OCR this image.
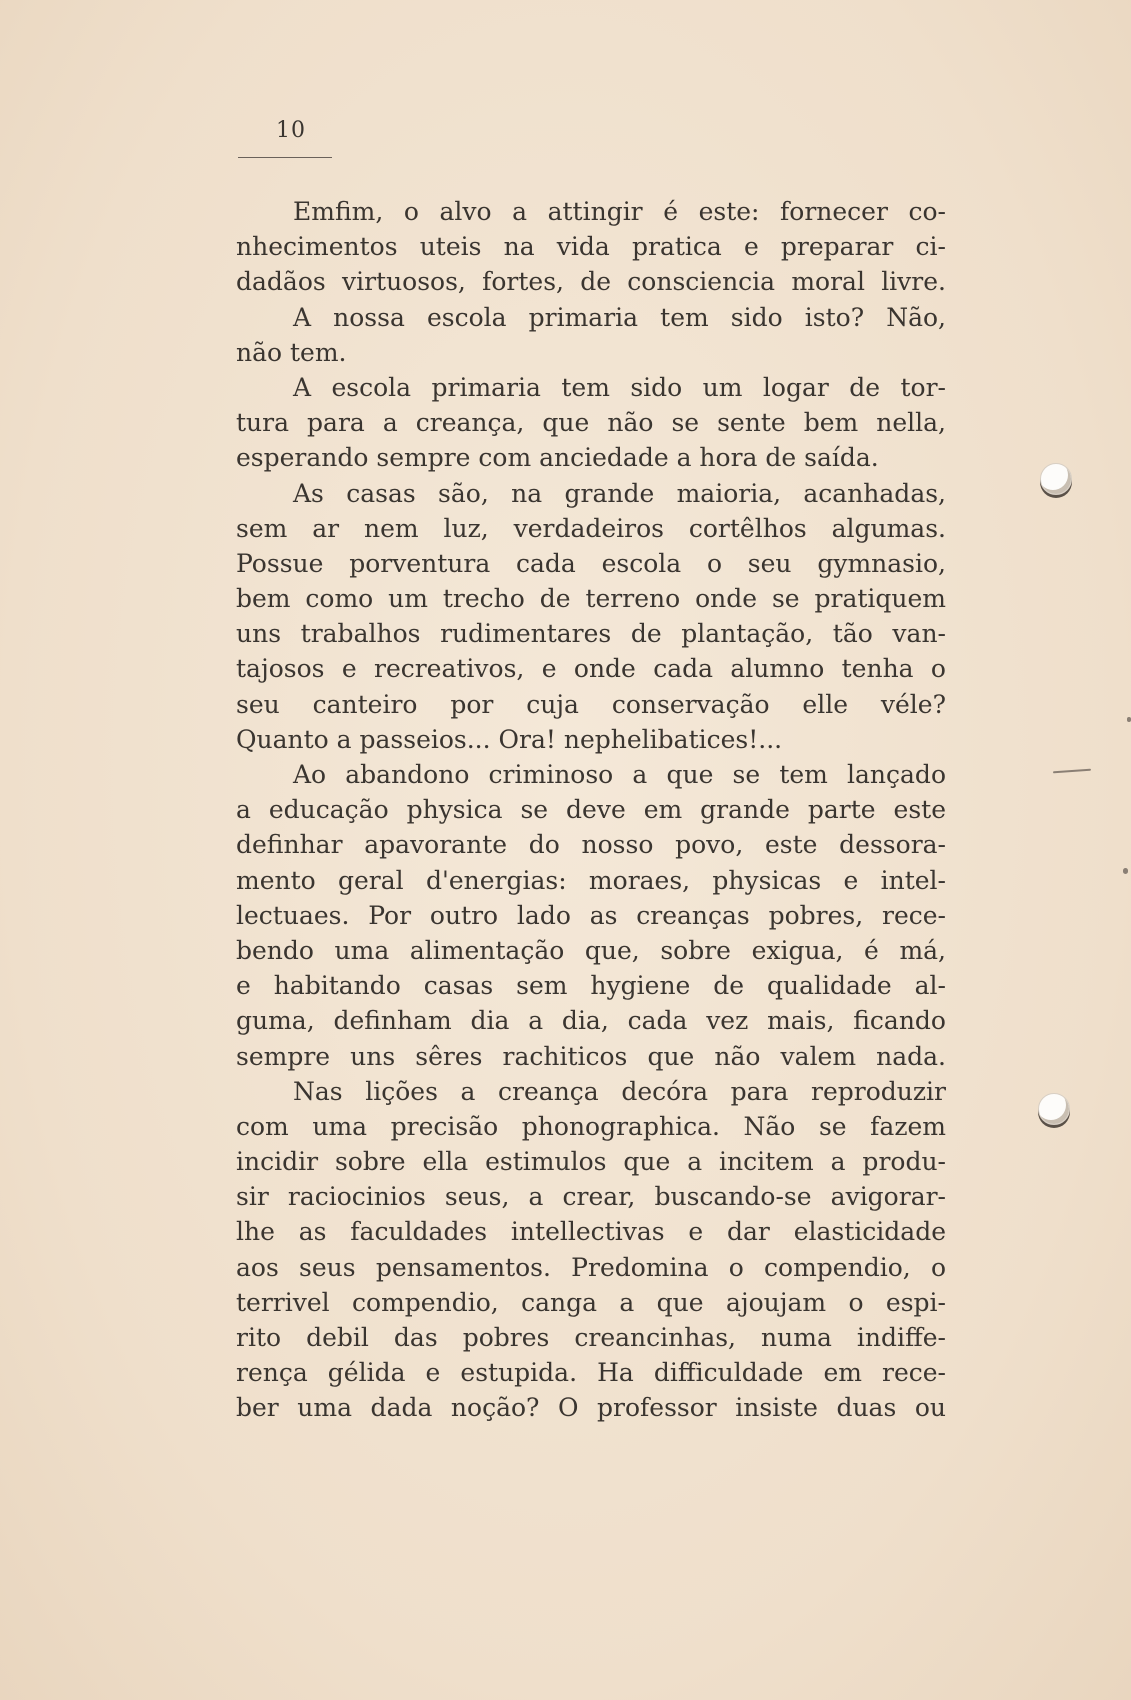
10
Emfim, o alvo a attingir é este: fornecer co-
nhecimentos uteis na vida pratica e preparar ci-
dadãos virtuosos, fortes, de consciencia moral livre.
A nossa escola primaria tem sido isto? Não,
não tem.
A escola primaria tem sido um logar de tor-
tura para a creança, que não se sente bem nella,
esperando sempre com anciedade a hora de saída.
As casas são, na grande maioria, acanhadas,
sem ar nem luz, verdadeiros cortêlhos algumas.
Possue porventura cada escola o seu gymnasio,
bem como um trecho de terreno onde se pratiquem
uns trabalhos rudimentares de plantação, tão van-
tajosos e recreativos, e onde cada alumno tenha o
seu canteiro por cuja conservação elle véle?
Quanto a passeios... Ora! nephelibatices!...
Ao abandono criminoso a que se tem lançado
a educação physica se deve em grande parte este
definhar apavorante do nosso povo, este dessora-
mento geral d'energias: moraes, physicas e intel-
lectuaes. Por outro lado as creanças pobres, rece-
bendo uma alimentação que, sobre exigua, é má,
e habitando casas sem hygiene de qualidade al-
guma, definham dia a dia, cada vez mais, ficando
sempre uns sêres rachiticos que não valem nada.
Nas lições a creança decóra para reproduzir
com uma precisão phonographica. Não se fazem
incidir sobre ella estimulos que a incitem a produ-
sir raciocinios seus, a crear, buscando-se avigorar-
lhe as faculdades intellectivas e dar elasticidade
aos seus pensamentos. Predomina o compendio, o
terrivel compendio, canga a que ajoujam o espi-
rito debil das pobres creancinhas, numa indiffe-
rença gélida e estupida. Ha difficuldade em rece-
ber uma dada noção? O professor insiste duas ou
